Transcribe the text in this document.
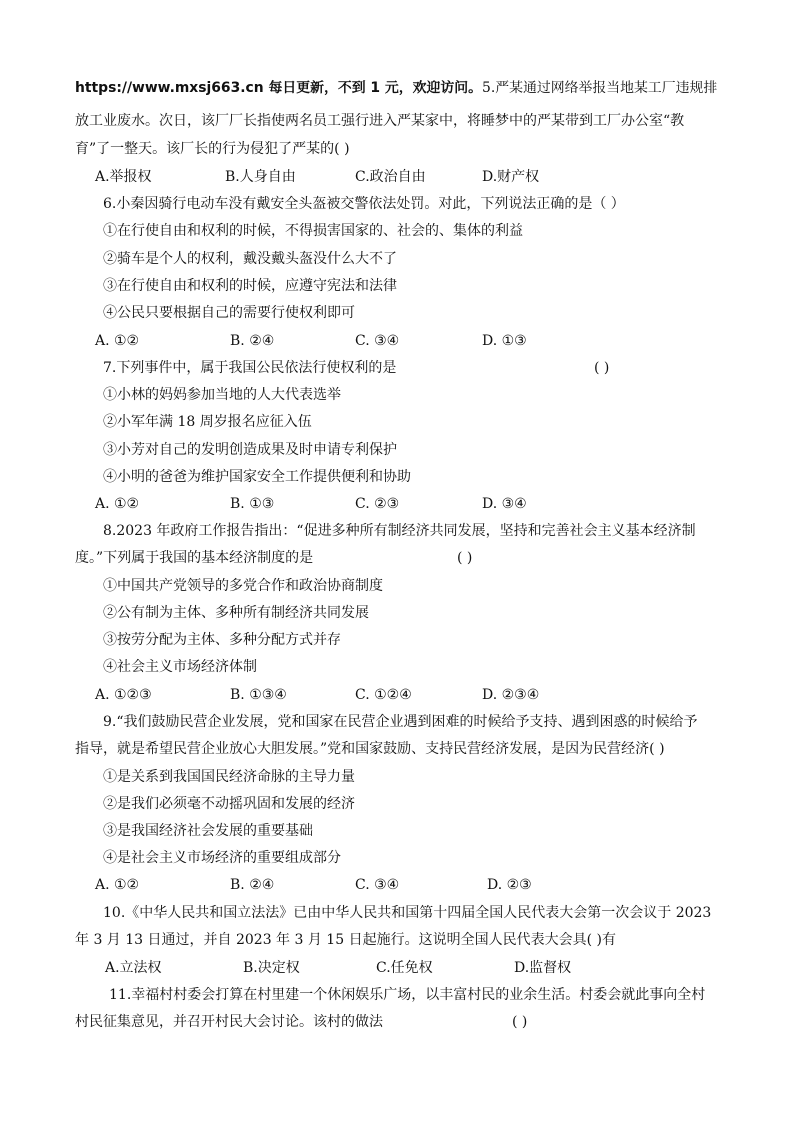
https://www.mxsj663.cn 每日更新，不到 1 元，欢迎访问。5.严某通过网络举报当地某工厂违规排
放工业废水。次日，该厂厂长指使两名员工强行进入严某家中，将睡梦中的严某带到工厂办公室“教
育”了一整天。该厂长的行为侵犯了严某的( )
A.举报权	B.人身自由	C.政治自由	D.财产权
6.小秦因骑行电动车没有戴安全头盔被交警依法处罚。对此，下列说法正确的是（ ）
①在行使自由和权利的时候，不得损害国家的、社会的、集体的利益
②骑车是个人的权利，戴没戴头盔没什么大不了
③在行使自由和权利的时候，应遵守宪法和法律
④公民只要根据自己的需要行使权利即可
A. ①②	B. ②④	C. ③④	D. ①③
7.下列事件中，属于我国公民依法行使权利的是	( )
①小林的妈妈参加当地的人大代表选举
②小军年满 18 周岁报名应征入伍
③小芳对自己的发明创造成果及时申请专利保护
④小明的爸爸为维护国家安全工作提供便利和协助
A. ①②	B. ①③	C. ②③	D. ③④
8.2023 年政府工作报告指出：“促进多种所有制经济共同发展，坚持和完善社会主义基本经济制
度。”下列属于我国的基本经济制度的是	( )
①中国共产党领导的多党合作和政治协商制度
②公有制为主体、多种所有制经济共同发展
③按劳分配为主体、多种分配方式并存
④社会主义市场经济体制
A. ①②③	B. ①③④	C. ①②④	D. ②③④
9.“我们鼓励民营企业发展，党和国家在民营企业遇到困难的时候给予支持、遇到困惑的时候给予
指导，就是希望民营企业放心大胆发展。”党和国家鼓励、支持民营经济发展，是因为民营经济( )
①是关系到我国国民经济命脉的主导力量
②是我们必须毫不动摇巩固和发展的经济
③是我国经济社会发展的重要基础
④是社会主义市场经济的重要组成部分
A. ①②	B. ②④	C. ③④	D. ②③
10.《中华人民共和国立法法》已由中华人民共和国第十四届全国人民代表大会第一次会议于 2023
年 3 月 13 日通过，并自 2023 年 3 月 15 日起施行。这说明全国人民代表大会具( )有
A.立法权	B.决定权	C.任免权	D.监督权
11.幸福村村委会打算在村里建一个休闲娱乐广场，以丰富村民的业余生活。村委会就此事向全村
村民征集意见，并召开村民大会讨论。该村的做法	( )
